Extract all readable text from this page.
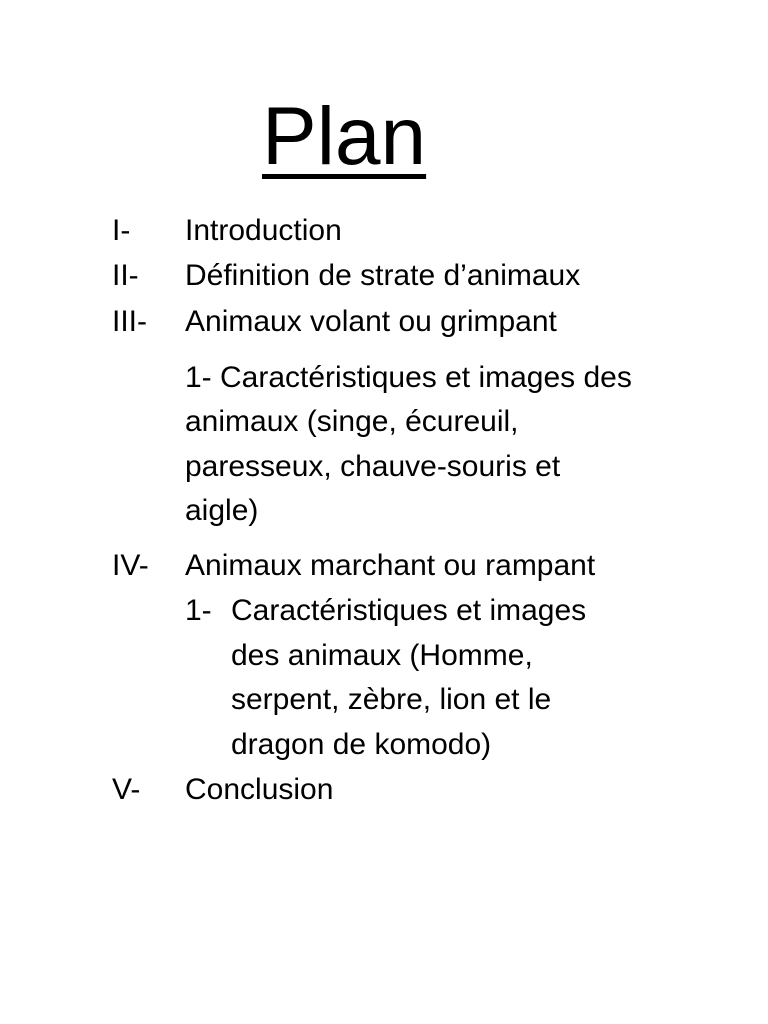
Plan
I- Introduction
II- Définition de strate d’animaux
III- Animaux volant ou grimpant
1- Caractéristiques et images des
animaux (singe, écureuil,
paresseux, chauve-souris et
aigle)
IV- Animaux marchant ou rampant
1- Caractéristiques et images
des animaux (Homme,
serpent, zèbre, lion et le
dragon de komodo)
V- Conclusion
